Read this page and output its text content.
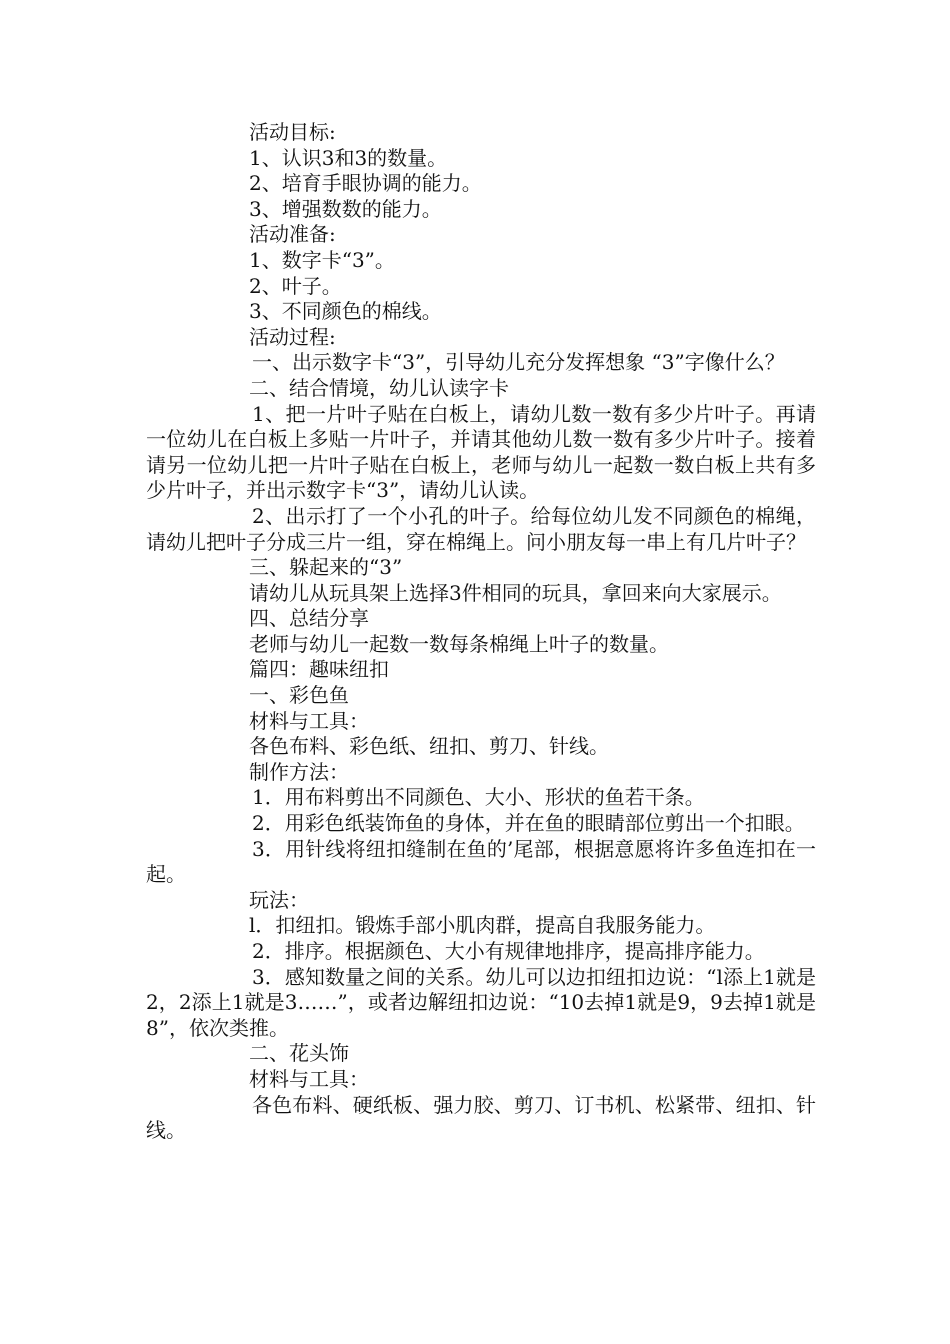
活动目标:

1、认识3和3的数量。

2、培育手眼协调的能力。

3、增强数数的能力。

活动准备:

1、数字卡“3”。

2、叶子。

3、不同颜色的棉线。

活动过程:

一、出示数字卡“3”，引导幼儿充分发挥想象 “3”字像什么？

二、结合情境，幼儿认读字卡

1、把一片叶子贴在白板上，请幼儿数一数有多少片叶子。再请一位幼儿在白板上多贴一片叶子，并请其他幼儿数一数有多少片叶子。接着请另一位幼儿把一片叶子贴在白板上，老师与幼儿一起数一数白板上共有多少片叶子，并出示数字卡“3”，请幼儿认读。

2、出示打了一个小孔的叶子。给每位幼儿发不同颜色的棉绳，请幼儿把叶子分成三片一组，穿在棉绳上。问小朋友每一串上有几片叶子？

三、躲起来的“3”

请幼儿从玩具架上选择3件相同的玩具，拿回来向大家展示。

四、总结分享

老师与幼儿一起数一数每条棉绳上叶子的数量。

篇四：趣味纽扣

一、彩色鱼

材料与工具：

各色布料、彩色纸、纽扣、剪刀、针线。

制作方法：

1．用布料剪出不同颜色、大小、形状的鱼若干条。

2．用彩色纸装饰鱼的身体，并在鱼的眼睛部位剪出一个扣眼。

3．用针线将纽扣缝制在鱼的’尾部，根据意愿将许多鱼连扣在一起。

玩法：

l．扣纽扣。锻炼手部小肌肉群，提高自我服务能力。

2．排序。根据颜色、大小有规律地排序，提高排序能力。

3．感知数量之间的关系。幼儿可以边扣纽扣边说：“l添上1就是2，2添上1就是3……”，或者边解纽扣边说：“10去掉1就是9，9去掉1就是8”，依次类推。

二、花头饰

材料与工具：

各色布料、硬纸板、强力胶、剪刀、订书机、松紧带、纽扣、针线。
